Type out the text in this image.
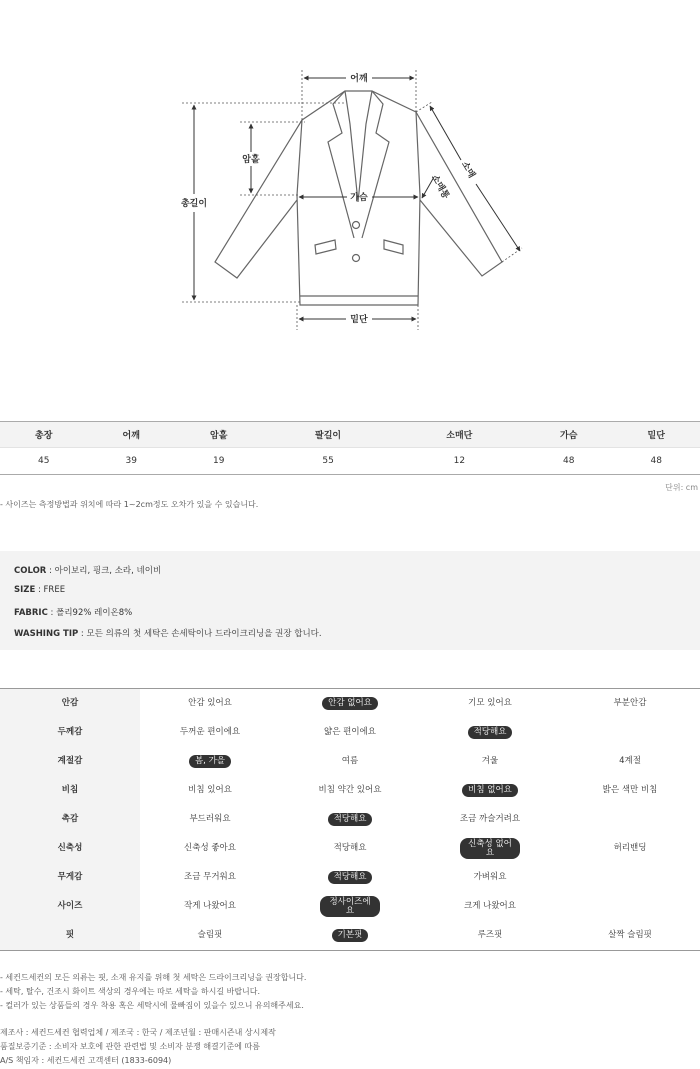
어깨
총길이
암홀
가슴
밑단
소매
소매통
총장	어깨	암홀	팔길이	소매단	가슴	밑단
45	39	19	55	12	48	48
단위: cm
- 사이즈는 측정방법과 위치에 따라 1~2cm정도 오차가 있을 수 있습니다.
COLOR : 아이보리, 핑크, 소라, 네이비
SIZE : FREE
FABRIC : 폴리92% 레이온8%
WASHING TIP : 모든 의류의 첫 세탁은 손세탁이나 드라이크리닝을 권장 합니다.
안감	안감 있어요	안감 없어요	기모 있어요	부분안감
두께감	두꺼운 편이에요	얇은 편이에요	적당해요	
계절감	봄, 가을	여름	겨울	4계절
비침	비침 있어요	비침 약간 있어요	비침 없어요	밝은 색만 비침
촉감	부드러워요	적당해요	조금 까슬거려요	
신축성	신축성 좋아요	적당해요	신축성 없어요	허리밴딩
무게감	조금 무거워요	적당해요	가벼워요	
사이즈	작게 나왔어요	정사이즈에요	크게 나왔어요	
핏	슬림핏	기본핏	루즈핏	살짝 슬림핏
- 세컨드세컨의 모든 의류는 핏, 소재 유지를 위해 첫 세탁은 드라이크리닝을 권장합니다.
- 세탁, 탈수, 건조시 화이트 색상의 경우에는 따로 세탁을 하시길 바랍니다.
- 컬러가 있는 상품들의 경우 착용 혹은 세탁시에 물빠짐이 있을수 있으니 유의해주세요.
제조사 : 세컨드세컨 협력업체 / 제조국 : 한국 / 제조년월 : 판매시즌내 상시제작
품질보증기준 : 소비자 보호에 관한 관련법 및 소비자 분쟁 해결기준에 따름
A/S 책임자 : 세컨드세컨 고객센터 (1833-6094)
